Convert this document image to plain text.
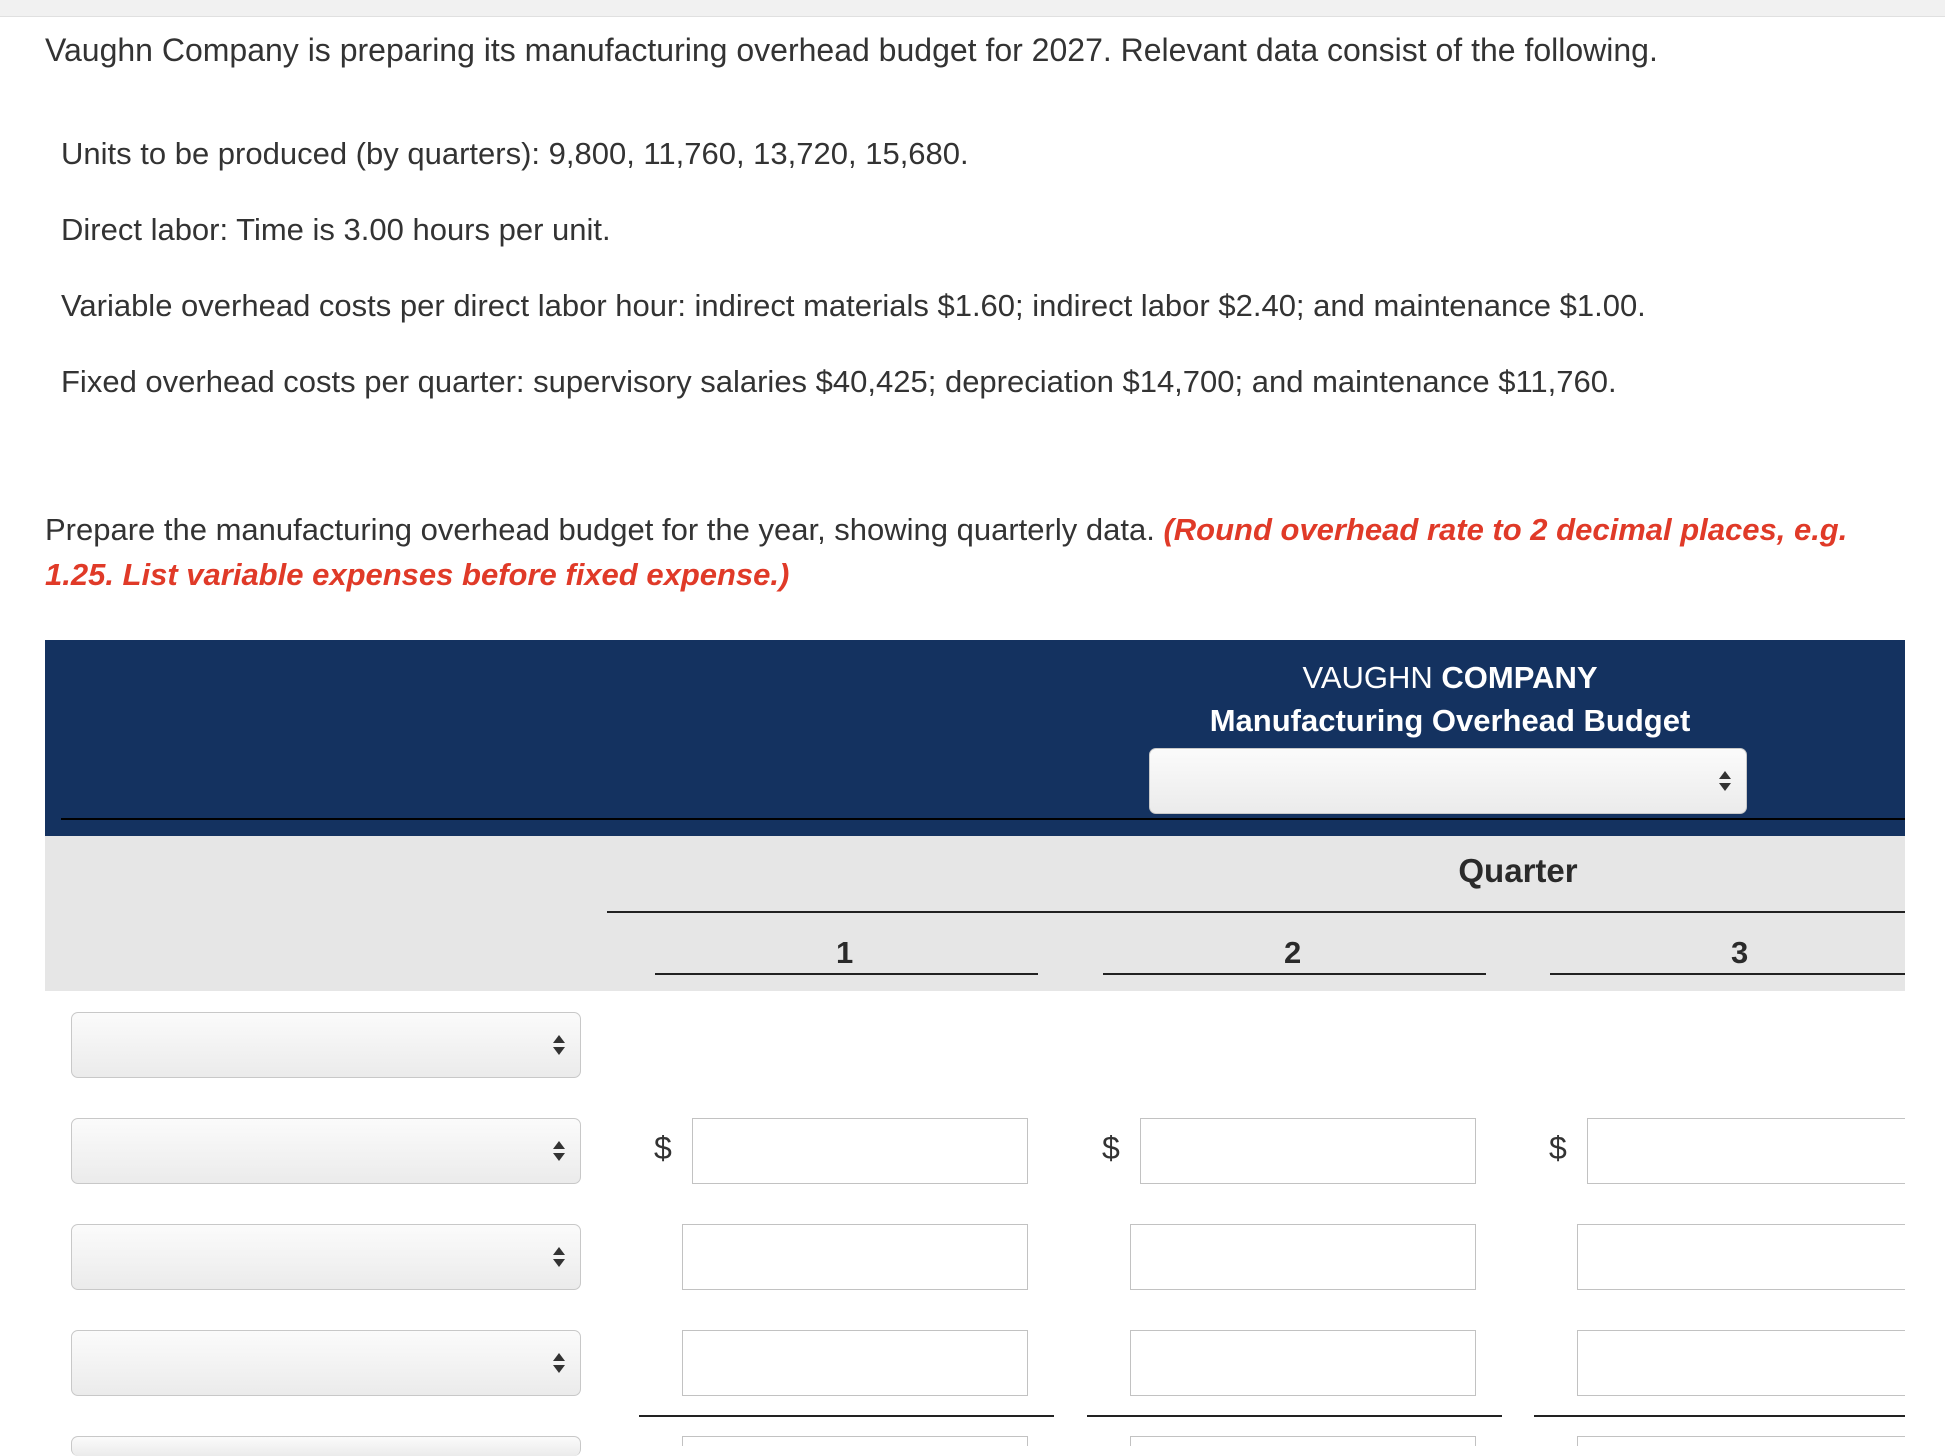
Vaughn Company is preparing its manufacturing overhead budget for 2027. Relevant data consist of the following.
Units to be produced (by quarters): 9,800, 11,760, 13,720, 15,680.
Direct labor: Time is 3.00 hours per unit.
Variable overhead costs per direct labor hour: indirect materials $1.60; indirect labor $2.40; and maintenance $1.00.
Fixed overhead costs per quarter: supervisory salaries $40,425; depreciation $14,700; and maintenance $11,760.
Prepare the manufacturing overhead budget for the year, showing quarterly data. (Round overhead rate to 2 decimal places, e.g. 1.25. List variable expenses before fixed expense.)
VAUGHN COMPANY
Manufacturing Overhead Budget
Quarter
1	2	3
$	$	$
